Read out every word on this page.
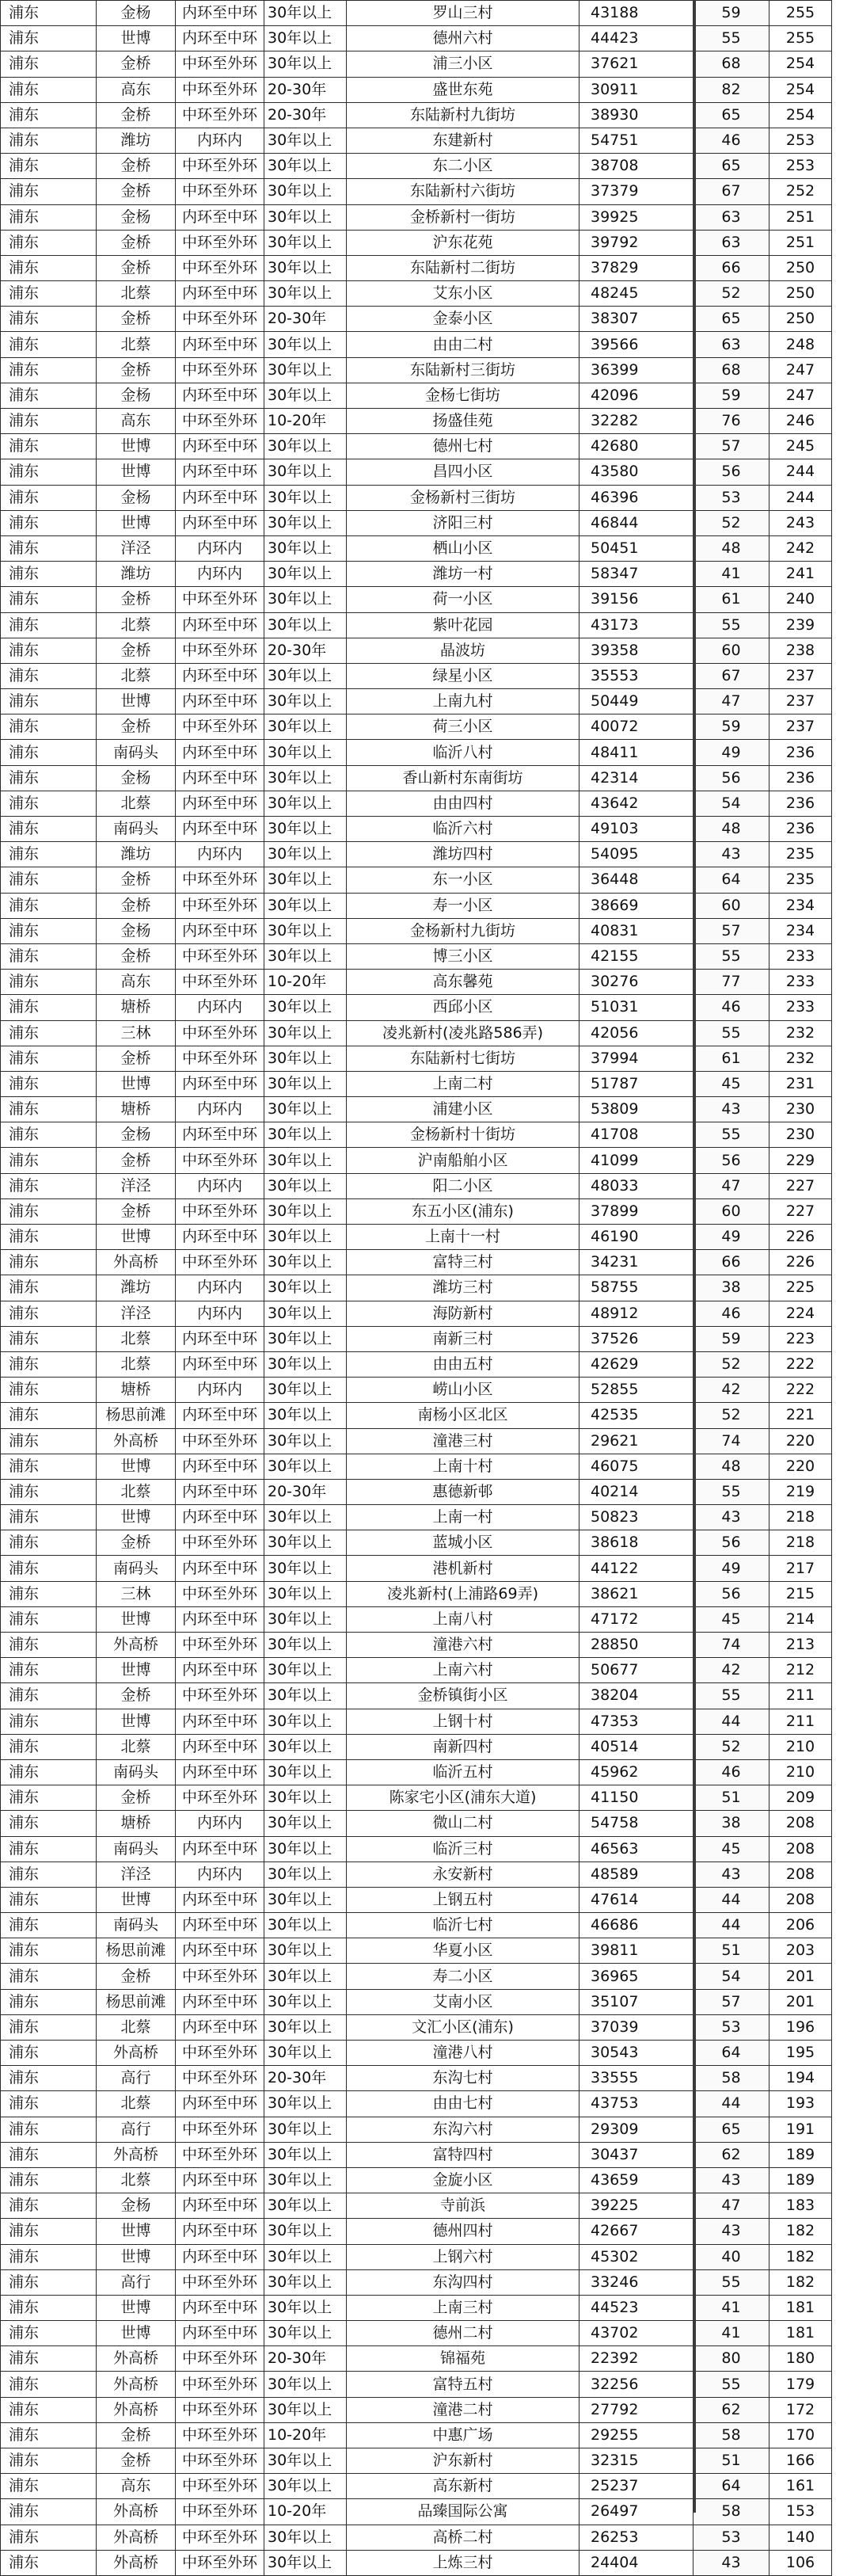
浦东	金杨	内环至中环	30年以上	罗山三村	43188	59	255
浦东	世博	内环至中环	30年以上	德州六村	44423	55	255
浦东	金桥	中环至外环	30年以上	浦三小区	37621	68	254
浦东	高东	中环至外环	20-30年	盛世东苑	30911	82	254
浦东	金桥	中环至外环	20-30年	东陆新村九街坊	38930	65	254
浦东	潍坊	内环内	30年以上	东建新村	54751	46	253
浦东	金桥	中环至外环	30年以上	东二小区	38708	65	253
浦东	金桥	中环至外环	30年以上	东陆新村六街坊	37379	67	252
浦东	金杨	内环至中环	30年以上	金桥新村一街坊	39925	63	251
浦东	金桥	中环至外环	30年以上	沪东花苑	39792	63	251
浦东	金桥	中环至外环	30年以上	东陆新村二街坊	37829	66	250
浦东	北蔡	内环至中环	30年以上	艾东小区	48245	52	250
浦东	金桥	中环至外环	20-30年	金泰小区	38307	65	250
浦东	北蔡	内环至中环	30年以上	由由二村	39566	63	248
浦东	金桥	中环至外环	30年以上	东陆新村三街坊	36399	68	247
浦东	金杨	内环至中环	30年以上	金杨七街坊	42096	59	247
浦东	高东	中环至外环	10-20年	扬盛佳苑	32282	76	246
浦东	世博	内环至中环	30年以上	德州七村	42680	57	245
浦东	世博	内环至中环	30年以上	昌四小区	43580	56	244
浦东	金杨	内环至中环	30年以上	金杨新村三街坊	46396	53	244
浦东	世博	内环至中环	30年以上	济阳三村	46844	52	243
浦东	洋泾	内环内	30年以上	栖山小区	50451	48	242
浦东	潍坊	内环内	30年以上	潍坊一村	58347	41	241
浦东	金桥	中环至外环	30年以上	荷一小区	39156	61	240
浦东	北蔡	内环至中环	30年以上	紫叶花园	43173	55	239
浦东	金桥	中环至外环	20-30年	晶波坊	39358	60	238
浦东	北蔡	内环至中环	30年以上	绿星小区	35553	67	237
浦东	世博	内环至中环	30年以上	上南九村	50449	47	237
浦东	金桥	中环至外环	30年以上	荷三小区	40072	59	237
浦东	南码头	内环至中环	30年以上	临沂八村	48411	49	236
浦东	金杨	内环至中环	30年以上	香山新村东南街坊	42314	56	236
浦东	北蔡	内环至中环	30年以上	由由四村	43642	54	236
浦东	南码头	内环至中环	30年以上	临沂六村	49103	48	236
浦东	潍坊	内环内	30年以上	潍坊四村	54095	43	235
浦东	金桥	中环至外环	30年以上	东一小区	36448	64	235
浦东	金桥	中环至外环	30年以上	寿一小区	38669	60	234
浦东	金杨	内环至中环	30年以上	金杨新村九街坊	40831	57	234
浦东	金桥	中环至外环	30年以上	博三小区	42155	55	233
浦东	高东	中环至外环	10-20年	高东馨苑	30276	77	233
浦东	塘桥	内环内	30年以上	西邱小区	51031	46	233
浦东	三林	中环至外环	30年以上	凌兆新村(凌兆路586弄)	42056	55	232
浦东	金桥	中环至外环	30年以上	东陆新村七街坊	37994	61	232
浦东	世博	内环至中环	30年以上	上南二村	51787	45	231
浦东	塘桥	内环内	30年以上	浦建小区	53809	43	230
浦东	金杨	内环至中环	30年以上	金杨新村十街坊	41708	55	230
浦东	金桥	中环至外环	30年以上	沪南船舶小区	41099	56	229
浦东	洋泾	内环内	30年以上	阳二小区	48033	47	227
浦东	金桥	中环至外环	30年以上	东五小区(浦东)	37899	60	227
浦东	世博	内环至中环	30年以上	上南十一村	46190	49	226
浦东	外高桥	中环至外环	30年以上	富特三村	34231	66	226
浦东	潍坊	内环内	30年以上	潍坊三村	58755	38	225
浦东	洋泾	内环内	30年以上	海防新村	48912	46	224
浦东	北蔡	内环至中环	30年以上	南新三村	37526	59	223
浦东	北蔡	内环至中环	30年以上	由由五村	42629	52	222
浦东	塘桥	内环内	30年以上	崂山小区	52855	42	222
浦东	杨思前滩	内环至中环	30年以上	南杨小区北区	42535	52	221
浦东	外高桥	中环至外环	30年以上	潼港三村	29621	74	220
浦东	世博	内环至中环	30年以上	上南十村	46075	48	220
浦东	北蔡	内环至中环	20-30年	惠德新邨	40214	55	219
浦东	世博	内环至中环	30年以上	上南一村	50823	43	218
浦东	金桥	中环至外环	30年以上	蓝城小区	38618	56	218
浦东	南码头	内环至中环	30年以上	港机新村	44122	49	217
浦东	三林	中环至外环	30年以上	凌兆新村(上浦路69弄)	38621	56	215
浦东	世博	内环至中环	30年以上	上南八村	47172	45	214
浦东	外高桥	中环至外环	30年以上	潼港六村	28850	74	213
浦东	世博	内环至中环	30年以上	上南六村	50677	42	212
浦东	金桥	中环至外环	30年以上	金桥镇街小区	38204	55	211
浦东	世博	内环至中环	30年以上	上钢十村	47353	44	211
浦东	北蔡	内环至中环	30年以上	南新四村	40514	52	210
浦东	南码头	内环至中环	30年以上	临沂五村	45962	46	210
浦东	金桥	中环至外环	30年以上	陈家宅小区(浦东大道)	41150	51	209
浦东	塘桥	内环内	30年以上	微山二村	54758	38	208
浦东	南码头	内环至中环	30年以上	临沂三村	46563	45	208
浦东	洋泾	内环内	30年以上	永安新村	48589	43	208
浦东	世博	内环至中环	30年以上	上钢五村	47614	44	208
浦东	南码头	内环至中环	30年以上	临沂七村	46686	44	206
浦东	杨思前滩	内环至中环	30年以上	华夏小区	39811	51	203
浦东	金桥	中环至外环	30年以上	寿二小区	36965	54	201
浦东	杨思前滩	内环至中环	30年以上	艾南小区	35107	57	201
浦东	北蔡	内环至中环	30年以上	文汇小区(浦东)	37039	53	196
浦东	外高桥	中环至外环	30年以上	潼港八村	30543	64	195
浦东	高行	中环至外环	20-30年	东沟七村	33555	58	194
浦东	北蔡	内环至中环	30年以上	由由七村	43753	44	193
浦东	高行	中环至外环	30年以上	东沟六村	29309	65	191
浦东	外高桥	中环至外环	30年以上	富特四村	30437	62	189
浦东	北蔡	内环至中环	30年以上	金旋小区	43659	43	189
浦东	金杨	内环至中环	30年以上	寺前浜	39225	47	183
浦东	世博	内环至中环	30年以上	德州四村	42667	43	182
浦东	世博	内环至中环	30年以上	上钢六村	45302	40	182
浦东	高行	中环至外环	30年以上	东沟四村	33246	55	182
浦东	世博	内环至中环	30年以上	上南三村	44523	41	181
浦东	世博	内环至中环	30年以上	德州二村	43702	41	181
浦东	外高桥	中环至外环	20-30年	锦福苑	22392	80	180
浦东	外高桥	中环至外环	30年以上	富特五村	32256	55	179
浦东	外高桥	中环至外环	30年以上	潼港二村	27792	62	172
浦东	金桥	中环至外环	10-20年	中惠广场	29255	58	170
浦东	金桥	中环至外环	30年以上	沪东新村	32315	51	166
浦东	高东	中环至外环	30年以上	高东新村	25237	64	161
浦东	外高桥	中环至外环	10-20年	品臻国际公寓	26497	58	153
浦东	外高桥	中环至外环	30年以上	高桥二村	26253	53	140
浦东	外高桥	中环至外环	30年以上	上炼三村	24404	43	106
